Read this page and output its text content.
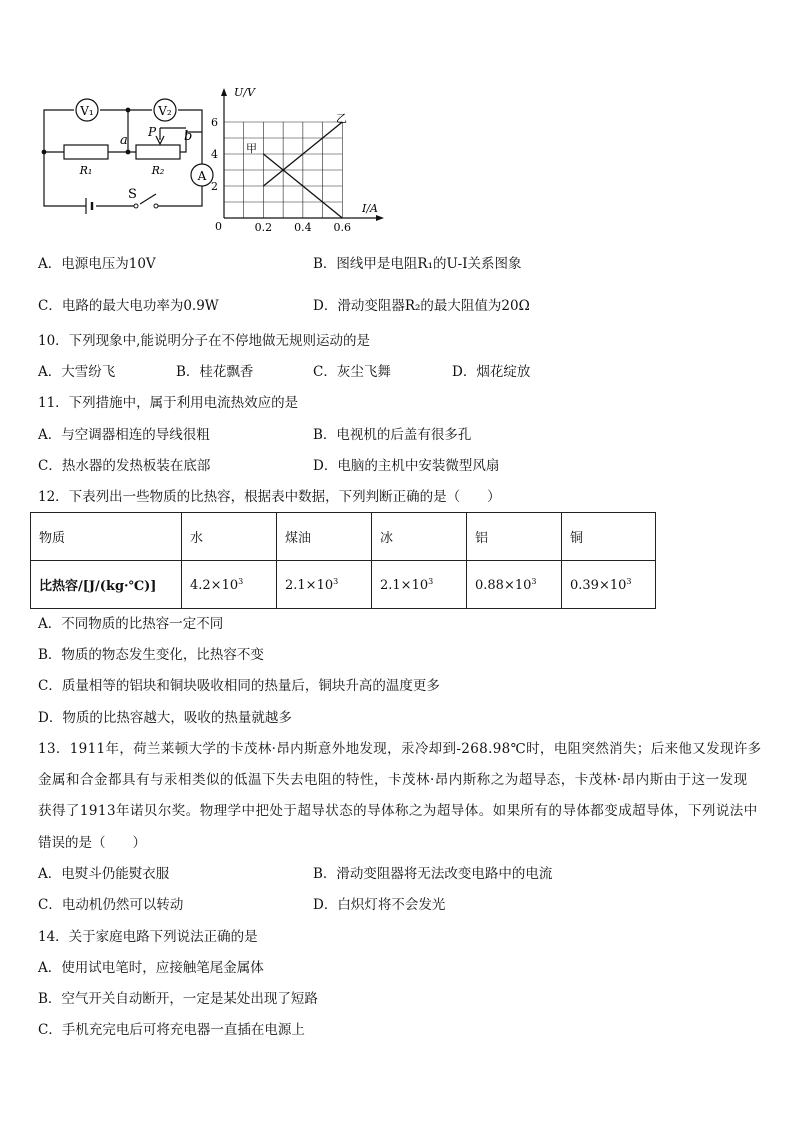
V₁	V₂
A
R₁	R₂
P
a	b
S
2
4
6
0.2 0.4 0.6
U/V
I/A
0
甲
乙
A．电源电压为10V	B．图线甲是电阻R₁的U-I关系图象
C．电路的最大电功率为0.9W	D．滑动变阻器R₂的最大阻值为20Ω
10．下列现象中,能说明分子在不停地做无规则运动的是
A．大雪纷飞	B．桂花飘香	C．灰尘飞舞	D．烟花绽放
11．下列措施中，属于利用电流热效应的是
A．与空调器相连的导线很粗	B．电视机的后盖有很多孔
C．热水器的发热板装在底部	D．电脑的主机中安装微型风扇
12．下表列出一些物质的比热容，根据表中数据，下列判断正确的是（　　）
物质	水	煤油	冰	铝	铜
比热容/[J/(kg·℃)]	$4.2\times 10^3$	$2.1\times 10^3$	$2.1\times 10^3$	$0.88\times 10^3$	$0.39\times 10^3$
A．不同物质的比热容一定不同
B．物质的物态发生变化，比热容不变
C．质量相等的铝块和铜块吸收相同的热量后，铜块升高的温度更多
D．物质的比热容越大，吸收的热量就越多
13．1911年，荷兰莱顿大学的卡茂林·昂内斯意外地发现，汞冷却到-268.98℃时，电阻突然消失；后来他又发现许多
金属和合金都具有与汞相类似的低温下失去电阻的特性，卡茂林·昂内斯称之为超导态，卡茂林·昂内斯由于这一发现
获得了1913年诺贝尔奖。物理学中把处于超导状态的导体称之为超导体。如果所有的导体都变成超导体，下列说法中
错误的是（　　）
A．电熨斗仍能熨衣服	B．滑动变阻器将无法改变电路中的电流
C．电动机仍然可以转动	D．白炽灯将不会发光
14．关于家庭电路下列说法正确的是
A．使用试电笔时，应接触笔尾金属体
B．空气开关自动断开，一定是某处出现了短路
C．手机充完电后可将充电器一直插在电源上
